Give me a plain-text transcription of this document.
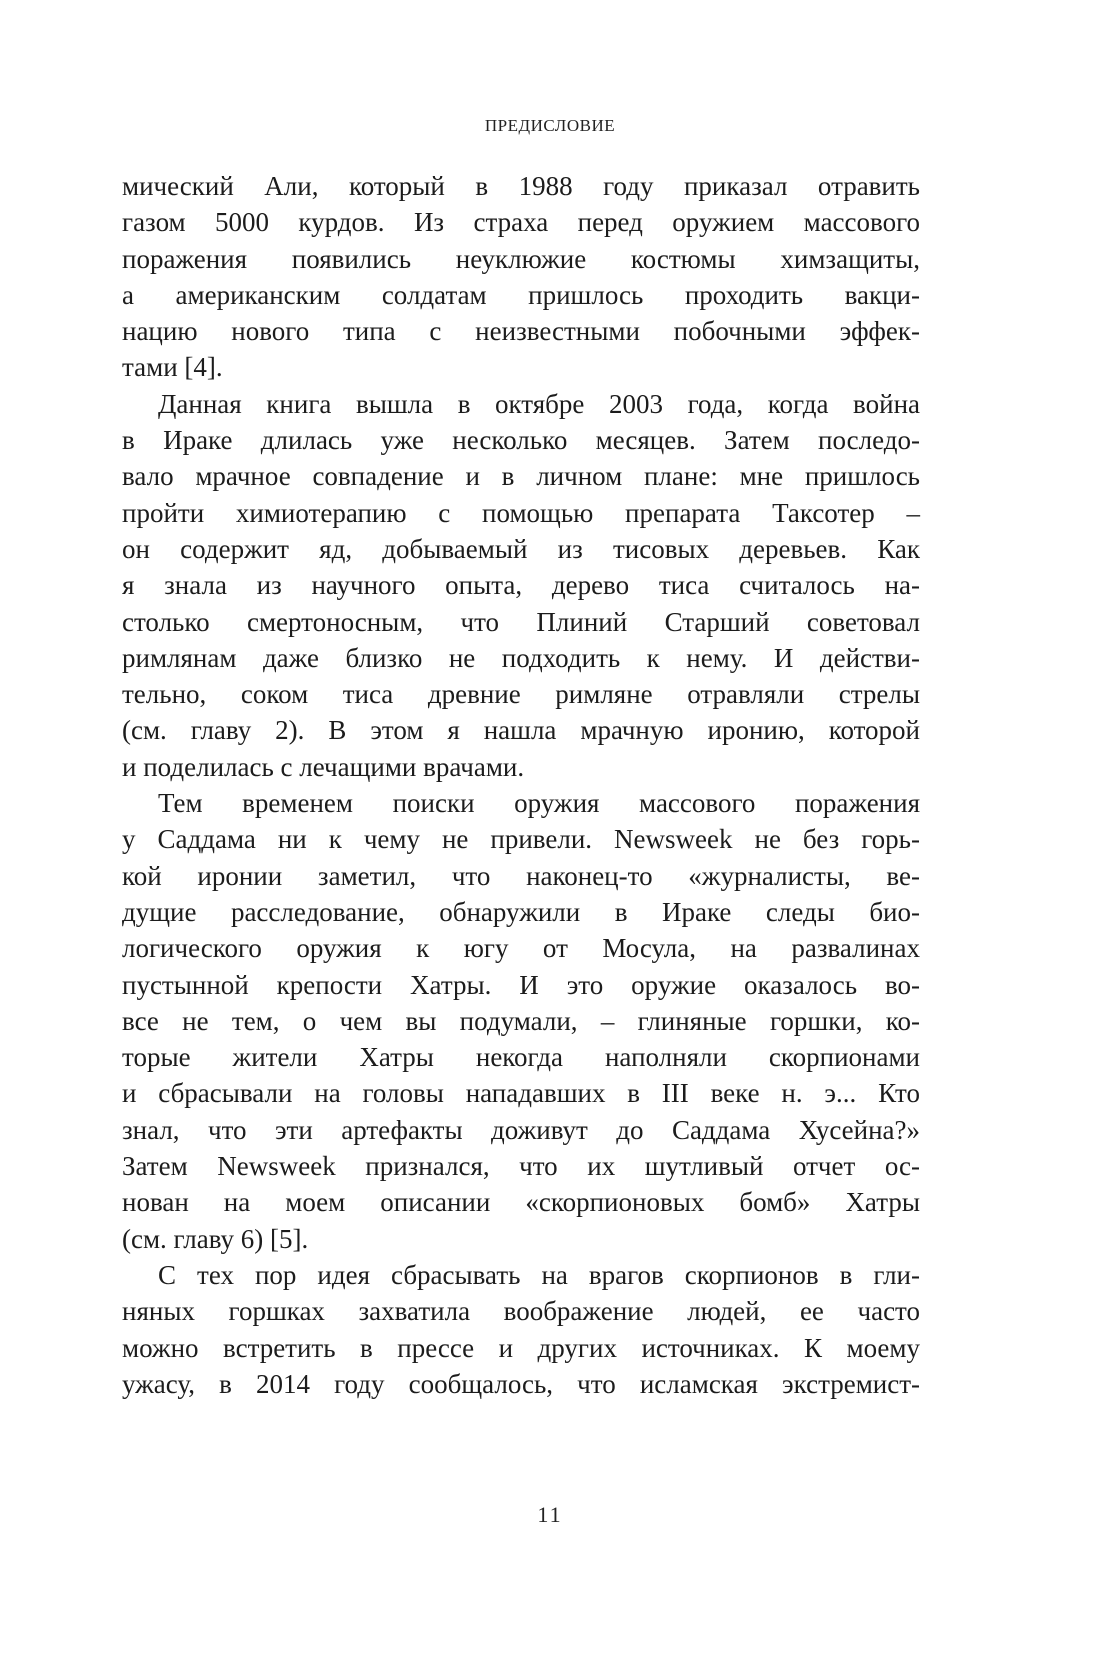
ПРЕДИСЛОВИЕ
мический Али, который в 1988 году приказал отравить
газом 5000 курдов. Из страха перед оружием массового
поражения появились неуклюжие костюмы химзащиты,
а американским солдатам пришлось проходить вакци-
нацию нового типа с неизвестными побочными эффек-
тами [4].
Данная книга вышла в октябре 2003 года, когда война
в Ираке длилась уже несколько месяцев. Затем последо-
вало мрачное совпадение и в личном плане: мне пришлось
пройти химиотерапию с помощью препарата Таксотер –
он содержит яд, добываемый из тисовых деревьев. Как
я знала из научного опыта, дерево тиса считалось на-
столько смертоносным, что Плиний Старший советовал
римлянам даже близко не подходить к нему. И действи-
тельно, соком тиса древние римляне отравляли стрелы
(см. главу 2). В этом я нашла мрачную иронию, которой
и поделилась с лечащими врачами.
Тем временем поиски оружия массового поражения
у Саддама ни к чему не привели. Newsweek не без горь-
кой иронии заметил, что наконец-то «журналисты, ве-
дущие расследование, обнаружили в Ираке следы био-
логического оружия к югу от Мосула, на развалинах
пустынной крепости Хатры. И это оружие оказалось во-
все не тем, о чем вы подумали, – глиняные горшки, ко-
торые жители Хатры некогда наполняли скорпионами
и сбрасывали на головы нападавших в III веке н. э... Кто
знал, что эти артефакты доживут до Саддама Хусейна?»
Затем Newsweek признался, что их шутливый отчет ос-
нован на моем описании «скорпионовых бомб» Хатры
(см. главу 6) [5].
С тех пор идея сбрасывать на врагов скорпионов в гли-
няных горшках захватила воображение людей, ее часто
можно встретить в прессе и других источниках. К моему
ужасу, в 2014 году сообщалось, что исламская экстремист-
11
